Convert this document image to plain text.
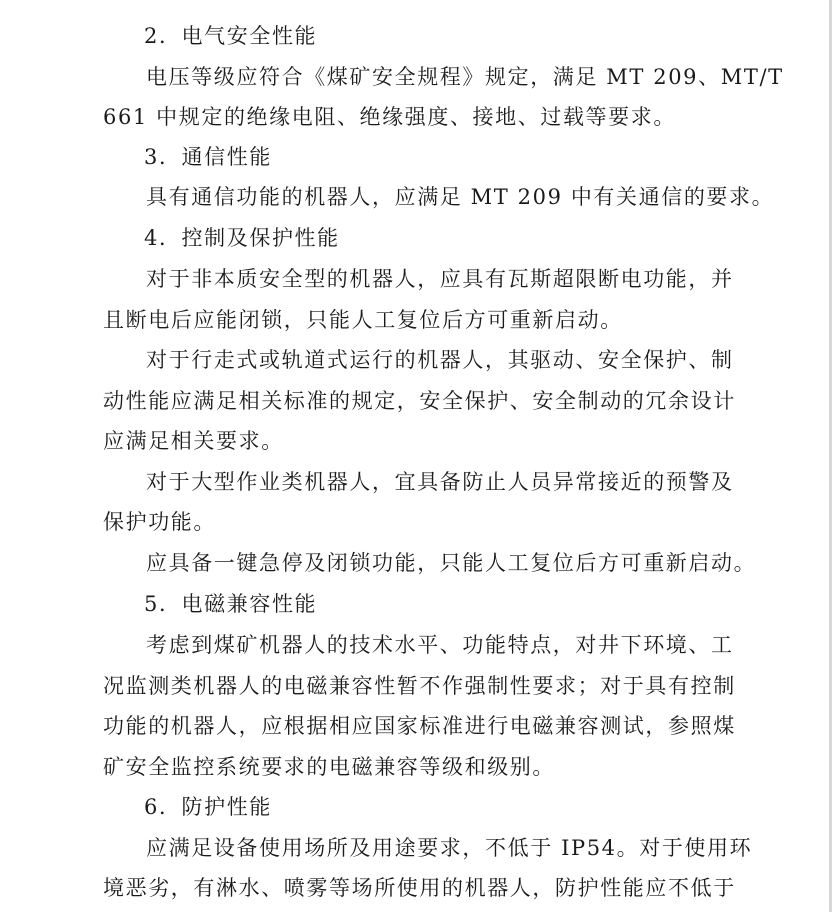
2．电气安全性能
电压等级应符合《煤矿安全规程》规定，满足 MT 209、MT/T
661 中规定的绝缘电阻、绝缘强度、接地、过载等要求。
3．通信性能
具有通信功能的机器人，应满足 MT 209 中有关通信的要求。
4．控制及保护性能
对于非本质安全型的机器人，应具有瓦斯超限断电功能，并
且断电后应能闭锁，只能人工复位后方可重新启动。
对于行走式或轨道式运行的机器人，其驱动、安全保护、制
动性能应满足相关标准的规定，安全保护、安全制动的冗余设计
应满足相关要求。
对于大型作业类机器人，宜具备防止人员异常接近的预警及
保护功能。
应具备一键急停及闭锁功能，只能人工复位后方可重新启动。
5．电磁兼容性能
考虑到煤矿机器人的技术水平、功能特点，对井下环境、工
况监测类机器人的电磁兼容性暂不作强制性要求；对于具有控制
功能的机器人，应根据相应国家标准进行电磁兼容测试，参照煤
矿安全监控系统要求的电磁兼容等级和级别。
6．防护性能
应满足设备使用场所及用途要求，不低于 IP54。对于使用环
境恶劣，有淋水、喷雾等场所使用的机器人，防护性能应不低于
